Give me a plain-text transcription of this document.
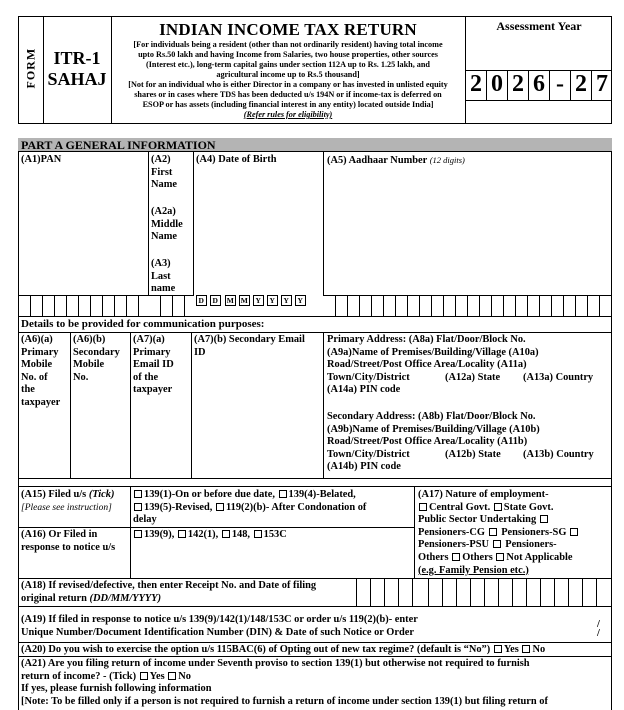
FORM ITR-1
SAHAJ
INDIAN INCOME TAX RETURN
[For individuals being a resident (other than not ordinarily resident) having total income
upto Rs.50 lakh and having Income from Salaries, two house properties, other sources
(Interest etc.), long-term capital gains under section 112A up to Rs. 1.25 lakh, and
agricultural income up to Rs.5 thousand]
[Not for an individual who is either Director in a company or has invested in unlisted equity
shares or in cases where TDS has been deducted u/s 194N or if income-tax is deferred on
ESOP or has assets (including financial interest in any entity) located outside India]
(Refer rules for eligibility)
Assessment Year
2 0 2 6 - 2 7
PART A GENERAL INFORMATION
(A1)PAN	(A2)
First
Name
(A2a)
Middle
Name
(A3)
Last
name
(A4) Date of Birth	(A5) Aadhaar Number (12 digits)
D	D	M M	Y	Y	Y	Y
Details to be provided for communication purposes:
(A6)(a)
Primary
Mobile
No. of
the
taxpayer
(A6)(b)
Secondary
Mobile
No.
(A7)(a)
Primary
Email ID
of the
taxpayer
(A7)(b) Secondary Email
ID
Primary Address: (A8a) Flat/Door/Block No.
(A9a)Name of Premises/Building/Village (A10a)
Road/Street/Post Office Area/Locality (A11a)
Town/City/District	(A12a) State (A13a) Country
(A14a) PIN code
Secondary Address: (A8b) Flat/Door/Block No.
(A9b)Name of Premises/Building/Village (A10b)
Road/Street/Post Office Area/Locality (A11b)
Town/City/District	(A12b) State (A13b) Country
(A14b) PIN code
(A15) Filed u/s (Tick)
[Please see instruction]
139(1)-On or before due date, 139(4)-Belated,
139(5)-Revised, 119(2)(b)- After Condonation of
delay
(A16) Or Filed in
response to notice u/s
139(9), 142(1), 148, 153C
(A17) Nature of employment-
Central Govt. State Govt.
Public Sector Undertaking
Pensioners-CG Pensioners-SG
Pensioners-PSU Pensioners-
Others Others Not Applicable
(e.g. Family Pension etc.)
(A18) If revised/defective, then enter Receipt No. and Date of filing
original return (DD/MM/YYYY)
(A19) If filed in response to notice u/s 139(9)/142(1)/148/153C or order u/s 119(2)(b)- enter
Unique Number/Document Identification Number (DIN) & Date of such Notice or Order
/
/
(A20) Do you wish to exercise the option u/s 115BAC(6) of Opting out of new tax regime? (default is “No”) Yes No
(A21) Are you filing return of income under Seventh proviso to section 139(1) but otherwise not required to furnish
return of income? - (Tick) Yes No
If yes, please furnish following information
[Note: To be filled only if a person is not required to furnish a return of income under section 139(1) but filing return of
